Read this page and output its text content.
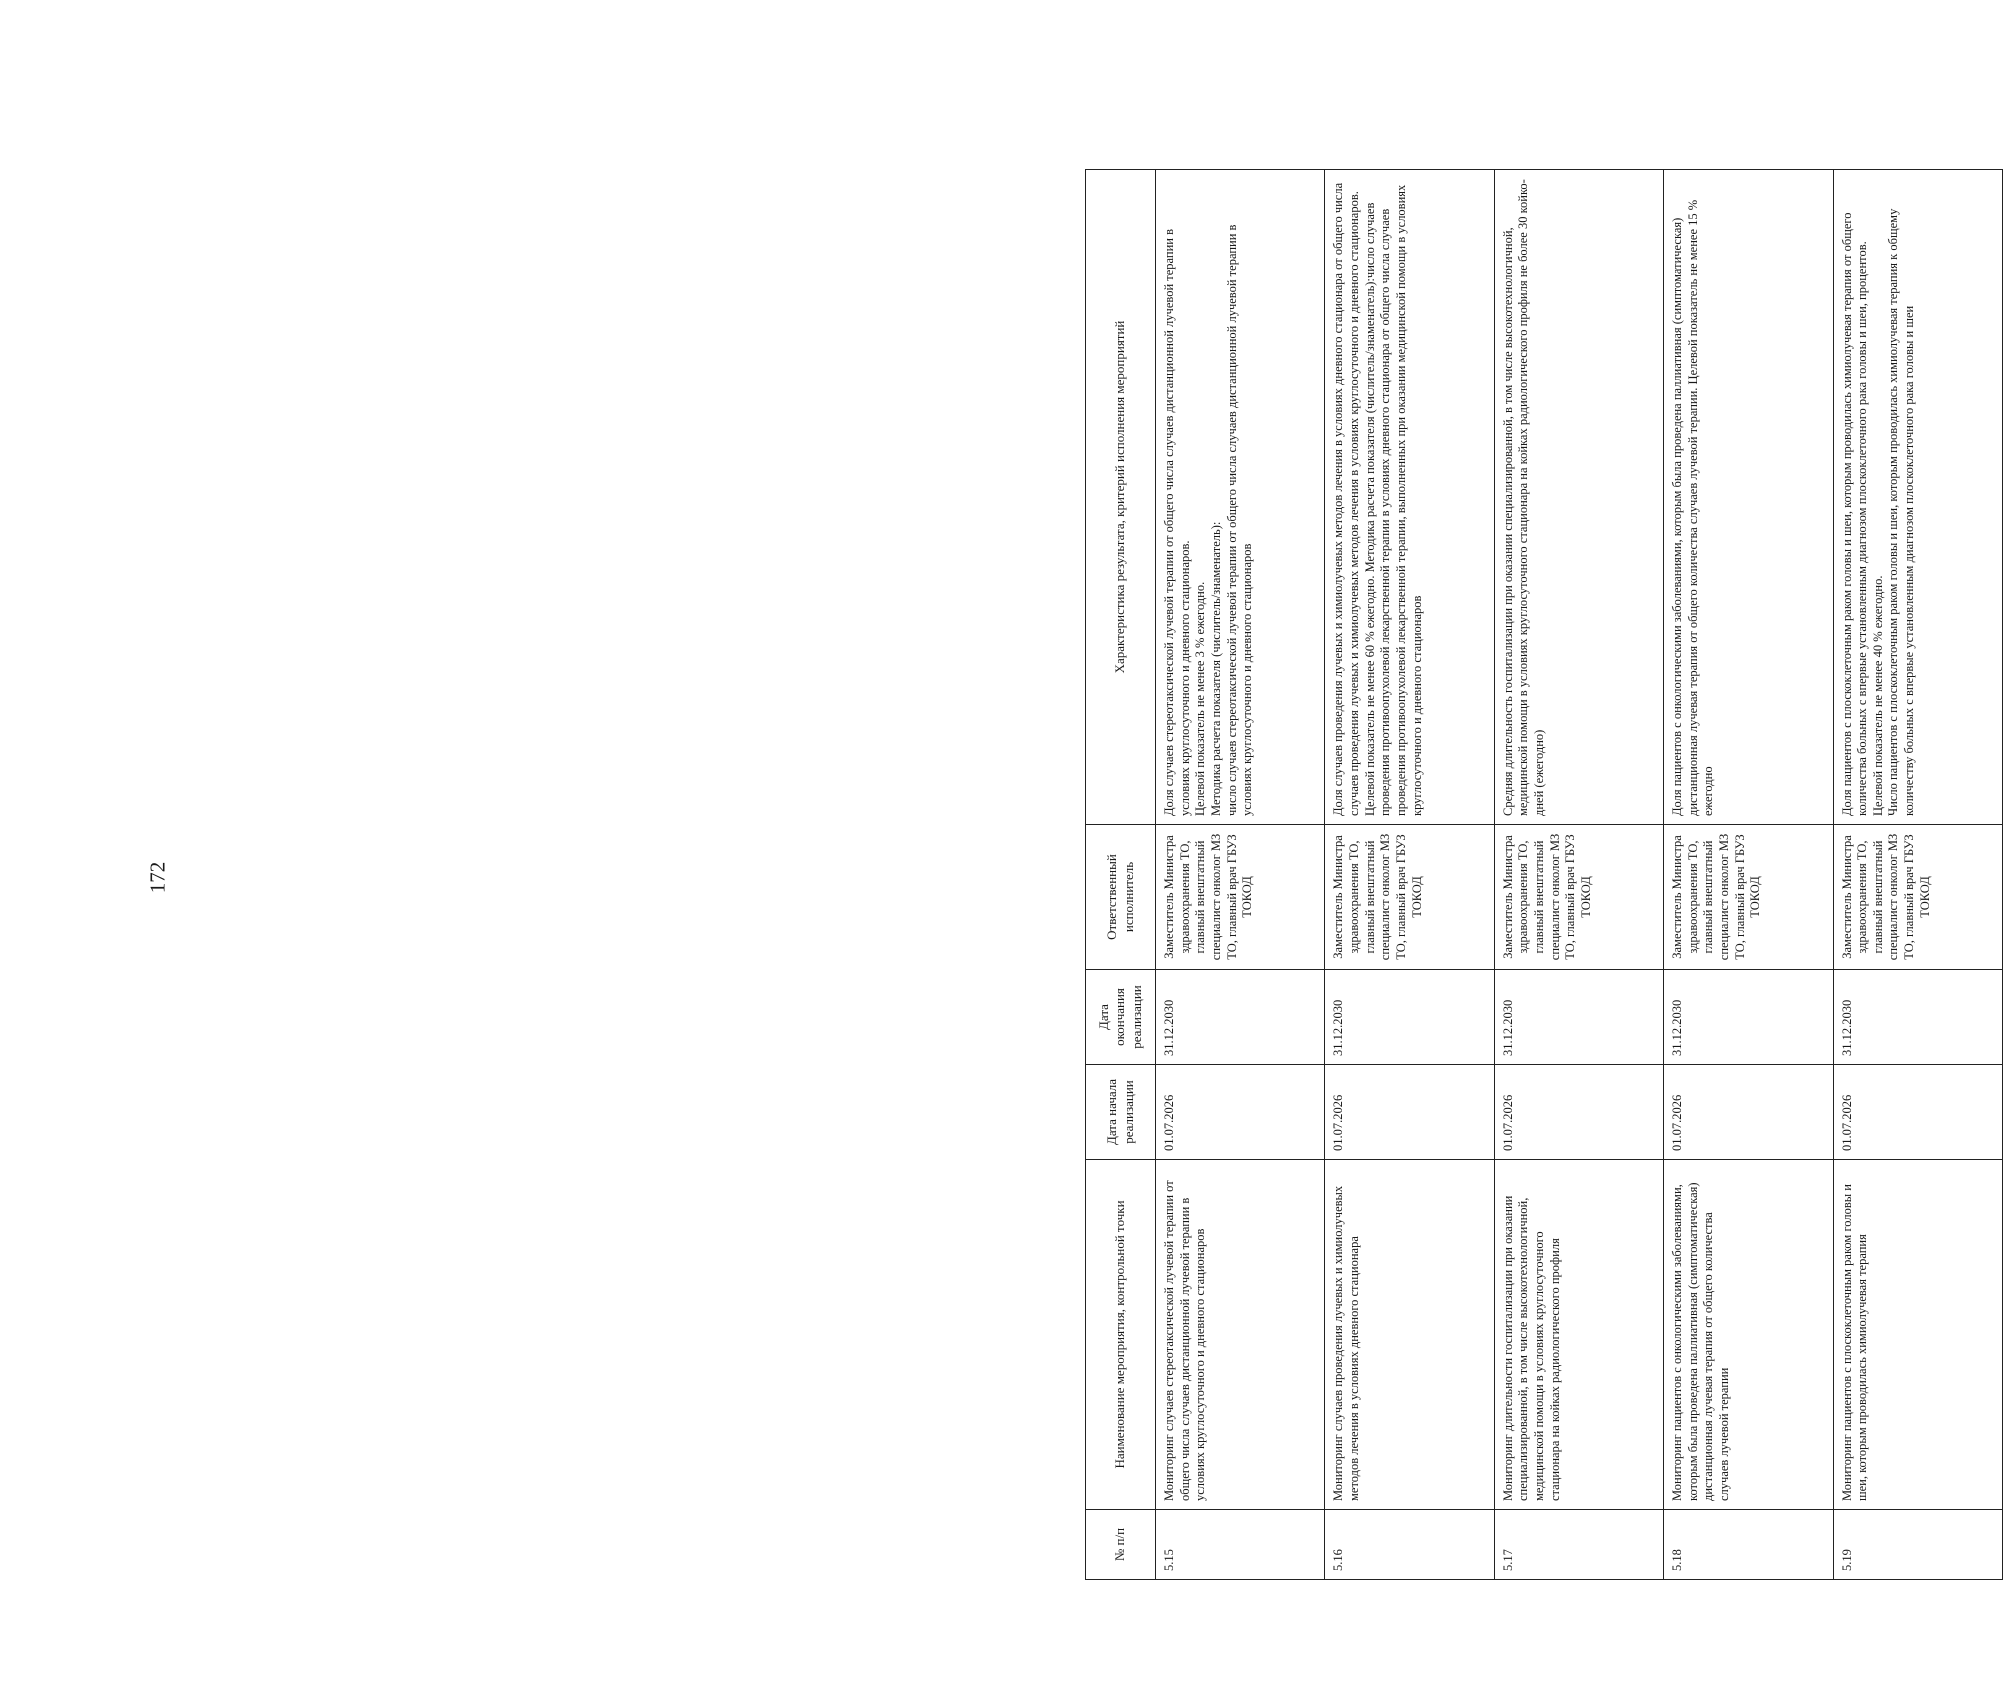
172
№ п/п	Наименование мероприятия, контрольной точки	Дата начала реализации	Дата окончания реализации	Ответственный исполнитель	Характеристика результата, критерий исполнения мероприятий
5.15	Мониторинг случаев стереотаксической лучевой терапии от общего числа случаев дистанционной лучевой терапии в условиях круглосуточного и дневного стационаров	01.07.2026	31.12.2030	Заместитель Министра здравоохранения ТО, главный внештатный специалист онколог МЗ ТО, главный врач ГБУЗ ТОКОД	Доля случаев стереотаксической лучевой терапии от общего числа случаев дистанционной лучевой терапии в условиях круглосуточного и дневного стационаров.
Целевой показатель не менее 3 % ежегодно.
Методика расчета показателя (числитель/знаменатель):
число случаев стереотаксической лучевой терапии от общего числа случаев дистанционной лучевой терапии в условиях круглосуточного и дневного стационаров
5.16	Мониторинг случаев проведения лучевых и химиолучевых методов лечения в условиях дневного стационара	01.07.2026	31.12.2030	Заместитель Министра здравоохранения ТО, главный внештатный специалист онколог МЗ ТО, главный врач ГБУЗ ТОКОД	Доля случаев проведения лучевых и химиолучевых методов лечения в условиях дневного стационара от общего числа случаев проведения лучевых и химиолучевых методов лечения в условиях круглосуточного и дневного стационаров. Целевой показатель не менее 60 % ежегодно. Методика расчета показателя (числитель/знаменатель):число случаев проведения противоопухолевой лекарственной терапии в условиях дневного стационара от общего числа случаев проведения противоопухолевой лекарственной терапии, выполненных при оказании медицинской помощи в условиях круглосуточного и дневного стационаров
5.17	Мониторинг длительности госпитализации при оказании специализированной, в том числе высокотехнологичной, медицинской помощи в условиях круглосуточного стационара на койках радиологического профиля	01.07.2026	31.12.2030	Заместитель Министра здравоохранения ТО, главный внештатный специалист онколог МЗ ТО, главный врач ГБУЗ ТОКОД	Средняя длительность госпитализации при оказании специализированной, в том числе высокотехнологичной, медицинской помощи в условиях круглосуточного стационара на койках радиологического профиля не более 30 койко-дней (ежегодно)
5.18	Мониторинг пациентов с онкологическими заболеваниями, которым была проведена паллиативная (симптоматическая) дистанционная лучевая терапия от общего количества случаев лучевой терапии	01.07.2026	31.12.2030	Заместитель Министра здравоохранения ТО, главный внештатный специалист онколог МЗ ТО, главный врач ГБУЗ ТОКОД	Доля пациентов с онкологическими заболеваниями, которым была проведена паллиативная (симптоматическая) дистанционная лучевая терапия от общего количества случаев лучевой терапии. Целевой показатель не менее 15 % ежегодно
5.19	Мониторинг пациентов с плоскоклеточным раком головы и шеи, которым проводилась химиолучевая терапия	01.07.2026	31.12.2030	Заместитель Министра здравоохранения ТО, главный внештатный специалист онколог МЗ ТО, главный врач ГБУЗ ТОКОД	Доля пациентов с плоскоклеточным раком головы и шеи, которым проводилась химиолучевая терапия от общего количества больных с впервые установленным диагнозом плоскоклеточного рака головы и шеи, процентов.
Целевой показатель не менее 40 % ежегодно.
Число пациентов с плоскоклеточным раком головы и шеи, которым проводилась химиолучевая терапия к общему количеству больных с впервые установленным диагнозом плоскоклеточного рака головы и шеи
